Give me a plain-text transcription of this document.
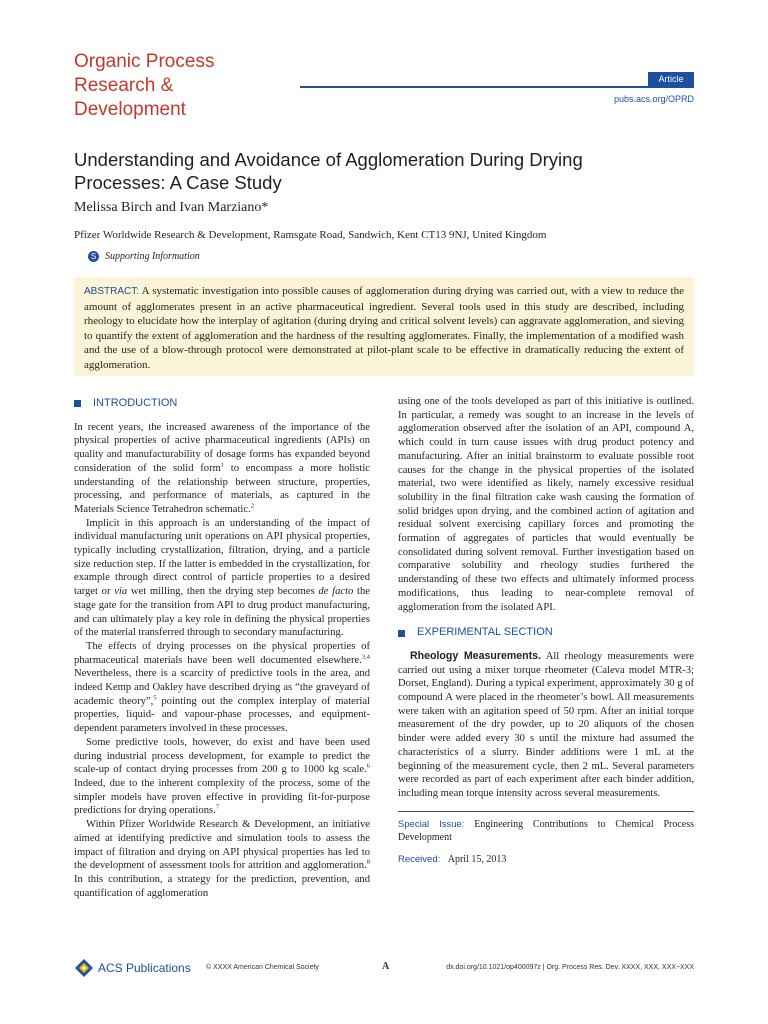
Organic Process
Research &
Development
Article
pubs.acs.org/OPRD
Understanding and Avoidance of Agglomeration During Drying Processes: A Case Study
Melissa Birch and Ivan Marziano*
Pfizer Worldwide Research & Development, Ramsgate Road, Sandwich, Kent CT13 9NJ, United Kingdom
S Supporting Information
ABSTRACT: A systematic investigation into possible causes of agglomeration during drying was carried out, with a view to reduce the amount of agglomerates present in an active pharmaceutical ingredient. Several tools used in this study are described, including rheology to elucidate how the interplay of agitation (during drying and critical solvent levels) can aggravate agglomeration, and sieving to quantify the extent of agglomeration and the hardness of the resulting agglomerates. Finally, the implementation of a modified wash and the use of a blow-through protocol were demonstrated at pilot-plant scale to be effective in dramatically reducing the extent of agglomeration.
INTRODUCTION

In recent years, the increased awareness of the importance of the physical properties of active pharmaceutical ingredients (APIs) on quality and manufacturability of dosage forms has expanded beyond consideration of the solid form$^1$ to encompass a more holistic understanding of the relationship between structure, properties, processing, and performance of materials, as captured in the Materials Science Tetrahedron schematic.$^2$

Implicit in this approach is an understanding of the impact of individual manufacturing unit operations on API physical properties, typically including crystallization, filtration, drying, and a particle size reduction step. If the latter is embedded in the crystallization, for example through direct control of particle properties to a desired target or via wet milling, then the drying step becomes de facto the stage gate for the transition from API to drug product manufacturing, and can ultimately play a key role in defining the physical properties of the material transferred through to secondary manufacturing.

The effects of drying processes on the physical properties of pharmaceutical materials have been well documented elsewhere.$^{3,4}$ Nevertheless, there is a scarcity of predictive tools in the area, and indeed Kemp and Oakley have described drying as “the graveyard of academic theory”,$^5$ pointing out the complex interplay of material properties, liquid- and vapour-phase processes, and equipment-dependent parameters involved in these processes.

Some predictive tools, however, do exist and have been used during industrial process development, for example to predict the scale-up of contact drying processes from 200 g to 1000 kg scale.$^6$ Indeed, due to the inherent complexity of the process, some of the simpler models have proven effective in providing fit-for-purpose predictions for drying operations.$^7$

Within Pfizer Worldwide Research & Development, an initiative aimed at identifying predictive and simulation tools to assess the impact of filtration and drying on API physical properties has led to the development of assessment tools for attrition and agglomeration.$^8$ In this contribution, a strategy for the prediction, prevention, and quantification of agglomeration

using one of the tools developed as part of this initiative is outlined. In particular, a remedy was sought to an increase in the levels of agglomeration observed after the isolation of an API, compound A, which could in turn cause issues with drug product potency and manufacturing. After an initial brainstorm to evaluate possible root causes for the change in the physical properties of the isolated material, two were identified as likely, namely excessive residual solubility in the final filtration cake wash causing the formation of solid bridges upon drying, and the combined action of agitation and residual solvent exercising capillary forces and promoting the formation of aggregates of particles that would eventually be consolidated during solvent removal. Further investigation based on comparative solubility and rheology studies furthered the understanding of these two effects and ultimately informed process modifications, thus leading to near-complete removal of agglomeration from the isolated API.

EXPERIMENTAL SECTION

Rheology Measurements. All rheology measurements were carried out using a mixer torque rheometer (Caleva model MTR-3; Dorset, England). During a typical experiment, approximately 30 g of compound A were placed in the rheometer’s bowl. All measurements were taken with an agitation speed of 50 rpm. After an initial torque measurement of the dry powder, up to 20 aliquots of the chosen binder were added every 30 s until the mixture had assumed the characteristics of a slurry. Binder additions were 1 mL at the beginning of the measurement cycle, then 2 mL. Several parameters were recorded as part of each experiment after each binder addition, including mean torque intensity across several measurements.

Special Issue: Engineering Contributions to Chemical Process Development
Received: April 15, 2013
ACS Publications © XXXX American Chemical Society	A	dx.doi.org/10.1021/op400097z | Org. Process Res. Dev. XXXX, XXX, XXX−XXX
